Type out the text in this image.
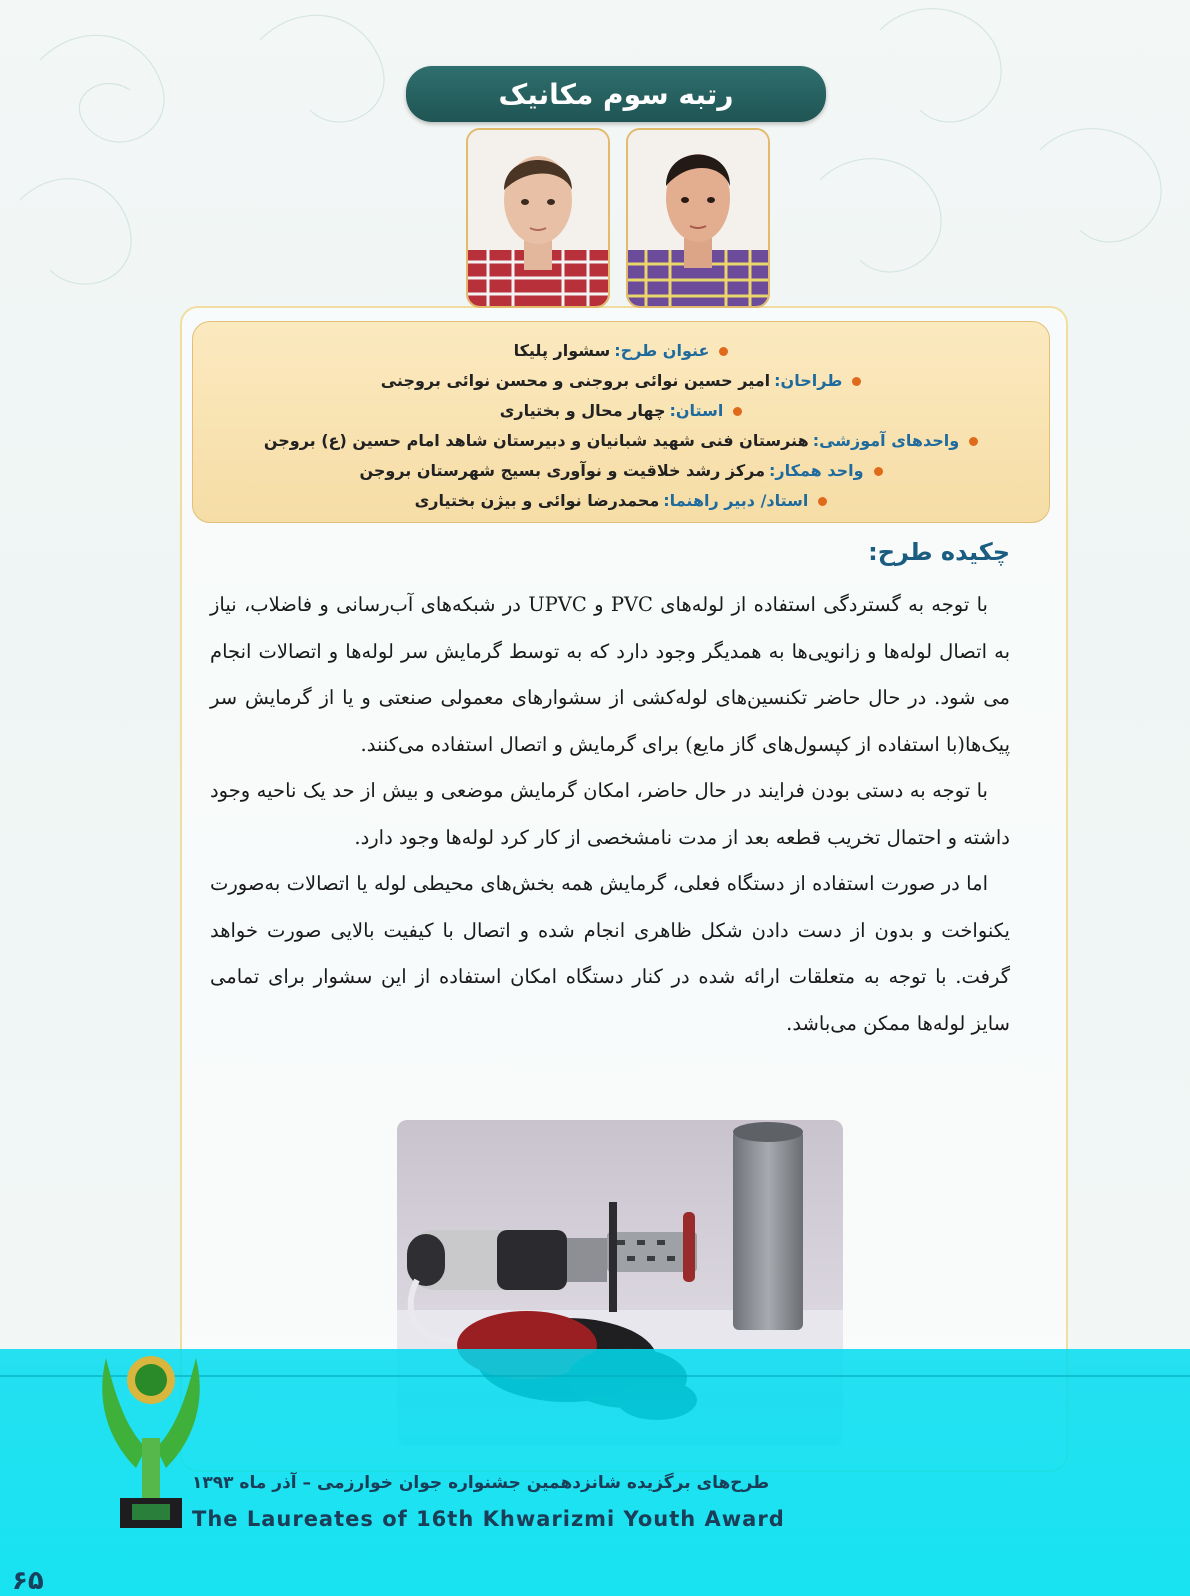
رتبه سوم مکانیک
عنوان طرح:
سشوار پلیکا
طراحان:
امیر حسین نوائی بروجنی و محسن نوائی بروجنی
استان:
چهار محال و بختیاری
واحدهای آموزشی:
هنرستان فنی شهید شبانیان و دبیرستان شاهد امام حسین (ع) بروجن
واحد همکار:
مرکز رشد خلاقیت و نوآوری بسیج شهرستان بروجن
استاد/ دبیر راهنما:
محمدرضا نوائی و بیژن بختیاری
چکیده طرح:

با توجه به گستردگی استفاده از لوله‌های PVC و UPVC در شبکه‌های آب‌رسانی و فاضلاب، نیاز به اتصال لوله‌ها و زانویی‌ها به همدیگر وجود دارد که به توسط گرمایش سر لوله‌ها و اتصالات انجام می شود. در حال حاضر تکنسین‌های لوله‌کشی از سشوارهای معمولی صنعتی و یا از گرمایش سر پیک‌ها(با استفاده از کپسول‌های گاز مایع) برای گرمایش و اتصال استفاده می‌کنند.

با توجه به دستی بودن فرایند در حال حاضر، امکان گرمایش موضعی و بیش از حد یک ناحیه وجود داشته و احتمال تخریب قطعه بعد از مدت نامشخصی از کار کرد لوله‌ها وجود دارد.

اما در صورت استفاده از دستگاه فعلی، گرمایش همه بخش‌های محیطی لوله یا اتصالات به‌صورت یکنواخت و بدون از دست دادن شکل ظاهری انجام شده و اتصال با کیفیت بالایی صورت خواهد گرفت. با توجه به متعلقات ارائه شده در کنار دستگاه امکان استفاده از این سشوار برای تمامی سایز لوله‌ها ممکن می‌باشد.

طرح‌های برگزیده شانزدهمین جشنواره جوان خوارزمی – آذر ماه ۱۳۹۳
The Laureates of 16th Khwarizmi Youth Award
۶۵
